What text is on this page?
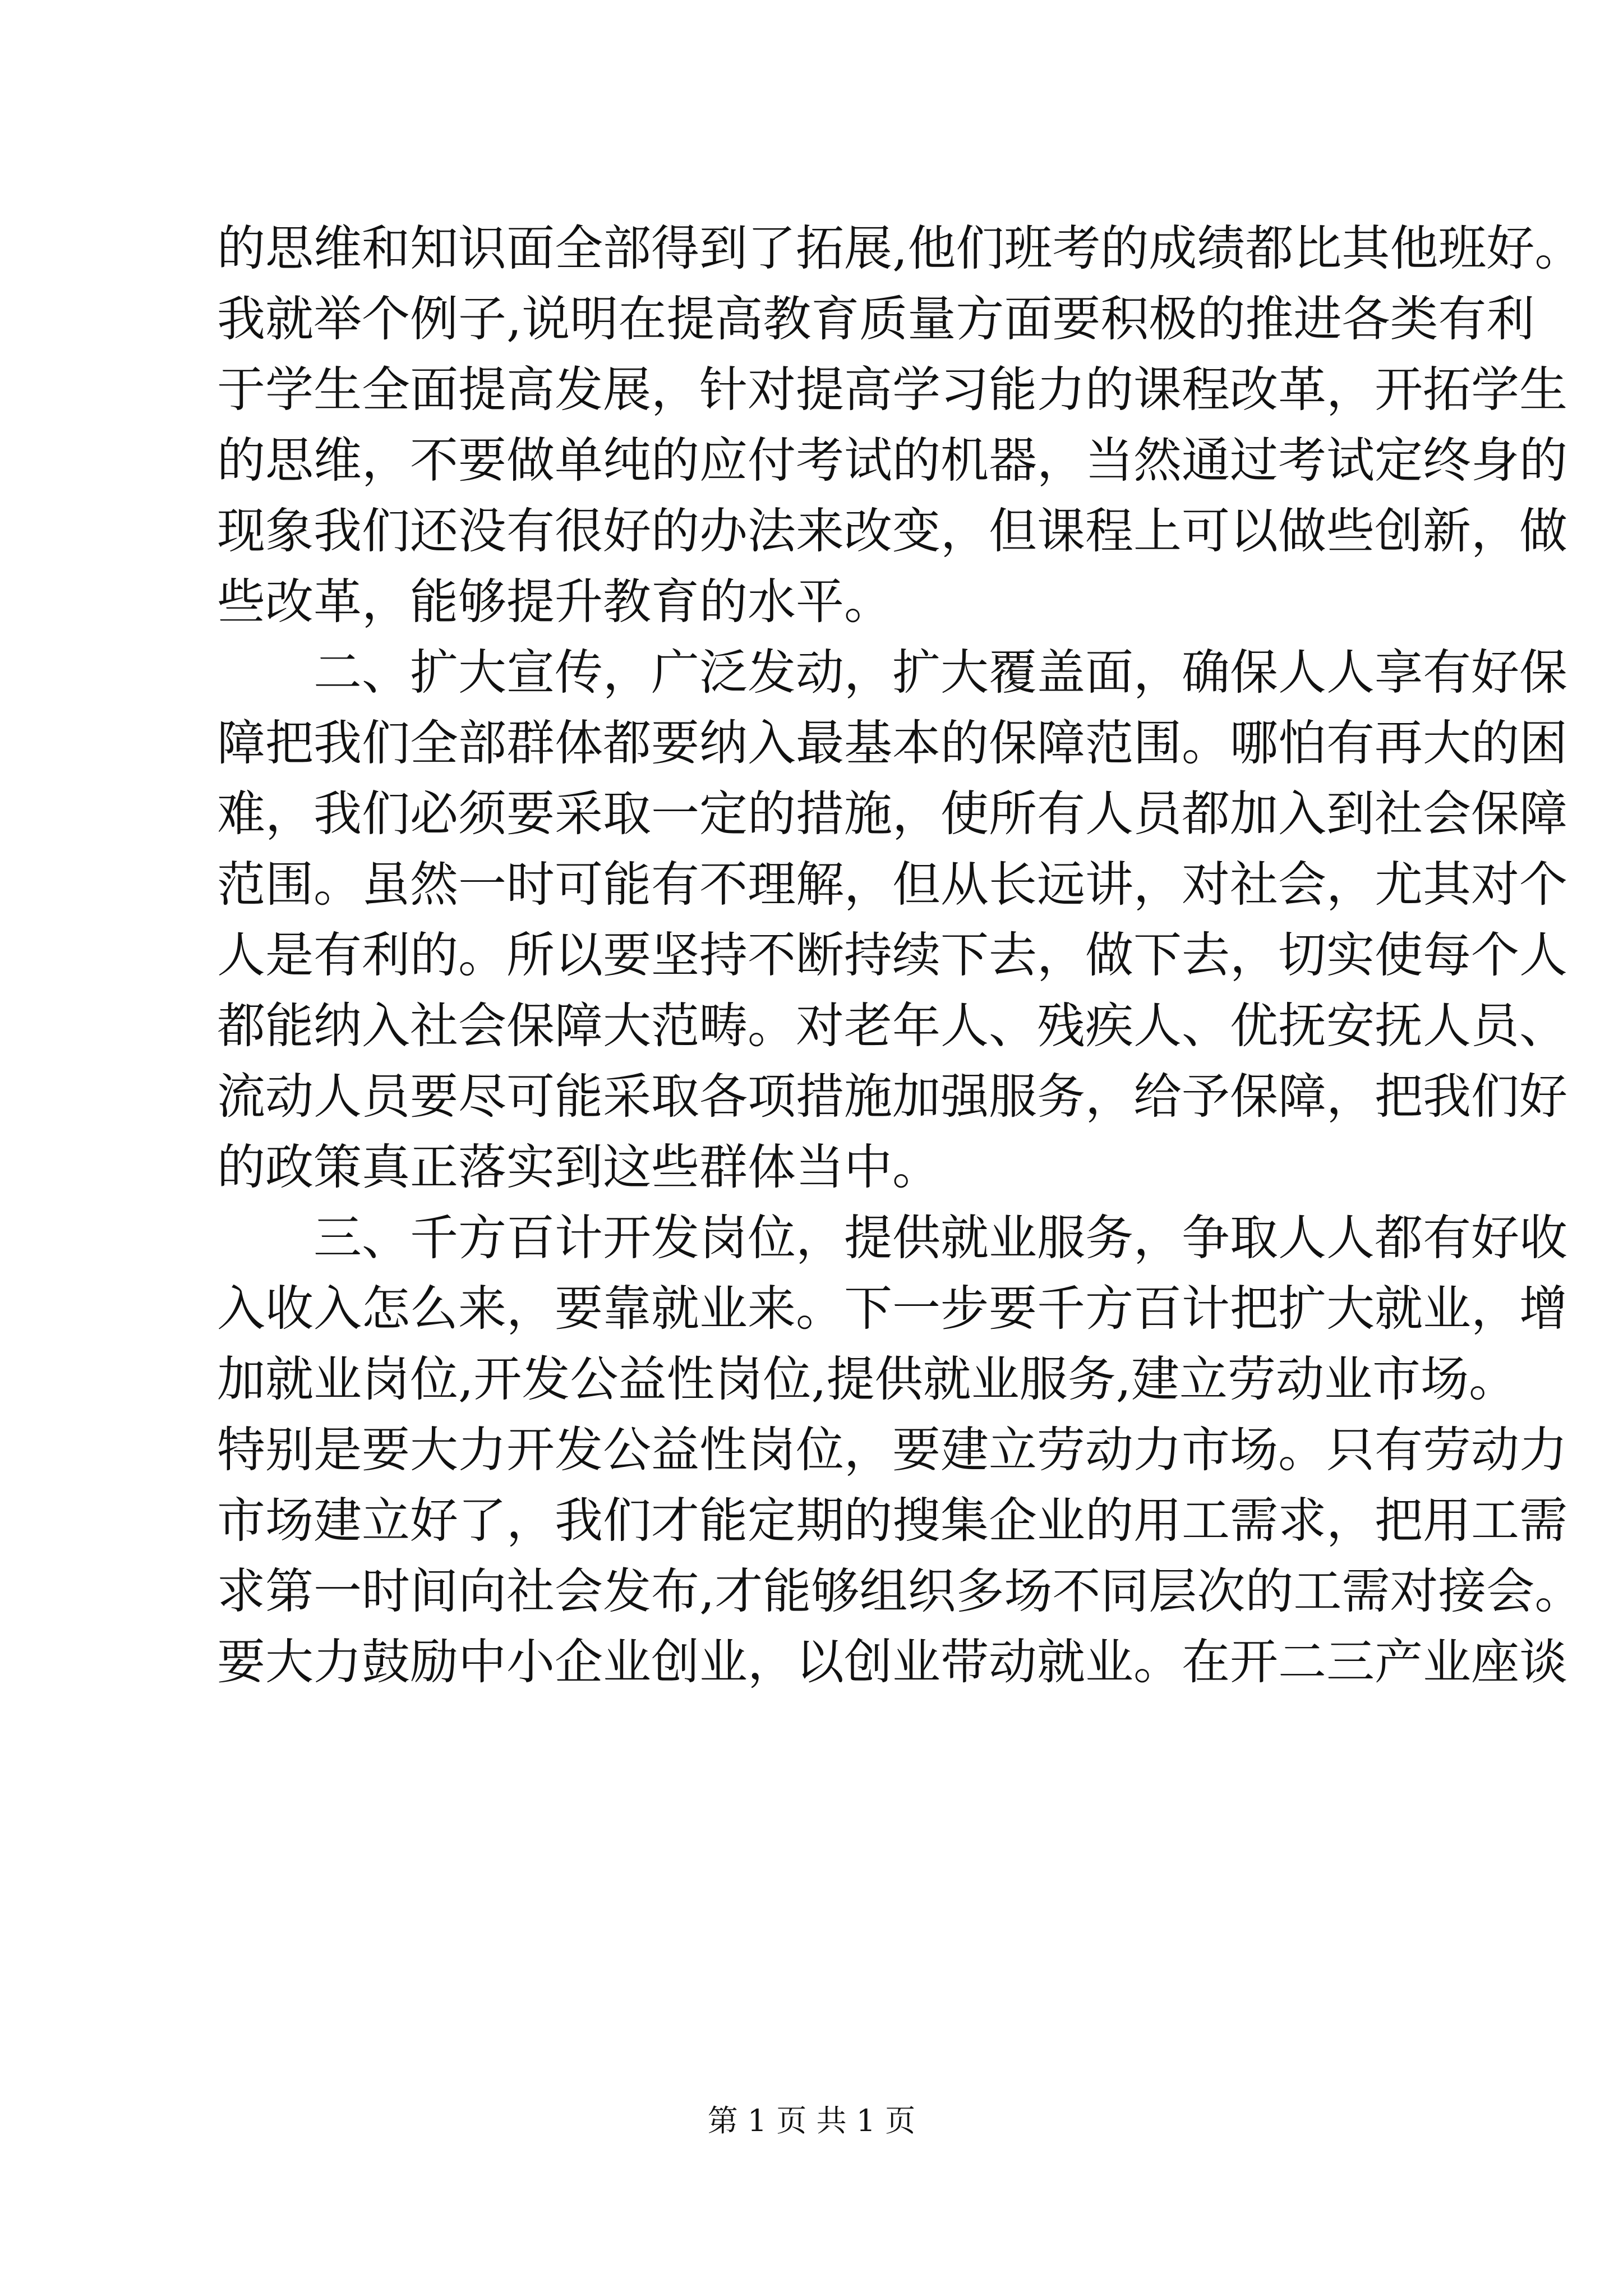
的思维和知识面全部得到了拓展,他们班考的成绩都比其他班好。
我就举个例子,说明在提高教育质量方面要积极的推进各类有利
于学生全面提高发展，针对提高学习能力的课程改革，开拓学生
的思维，不要做单纯的应付考试的机器，当然通过考试定终身的
现象我们还没有很好的办法来改变，但课程上可以做些创新，做
些改革，能够提升教育的水平。
二、扩大宣传，广泛发动，扩大覆盖面，确保人人享有好保
障把我们全部群体都要纳入最基本的保障范围。哪怕有再大的困
难，我们必须要采取一定的措施，使所有人员都加入到社会保障
范围。虽然一时可能有不理解，但从长远讲，对社会，尤其对个
人是有利的。所以要坚持不断持续下去，做下去，切实使每个人
都能纳入社会保障大范畴。对老年人、残疾人、优抚安抚人员、
流动人员要尽可能采取各项措施加强服务，给予保障，把我们好
的政策真正落实到这些群体当中。
三、千方百计开发岗位，提供就业服务，争取人人都有好收
入收入怎么来，要靠就业来。下一步要千方百计把扩大就业，增
加就业岗位,开发公益性岗位,提供就业服务,建立劳动业市场。
特别是要大力开发公益性岗位，要建立劳动力市场。只有劳动力
市场建立好了，我们才能定期的搜集企业的用工需求，把用工需
求第一时间向社会发布,才能够组织多场不同层次的工需对接会。
要大力鼓励中小企业创业，以创业带动就业。在开二三产业座谈
第 1 页 共 1 页
